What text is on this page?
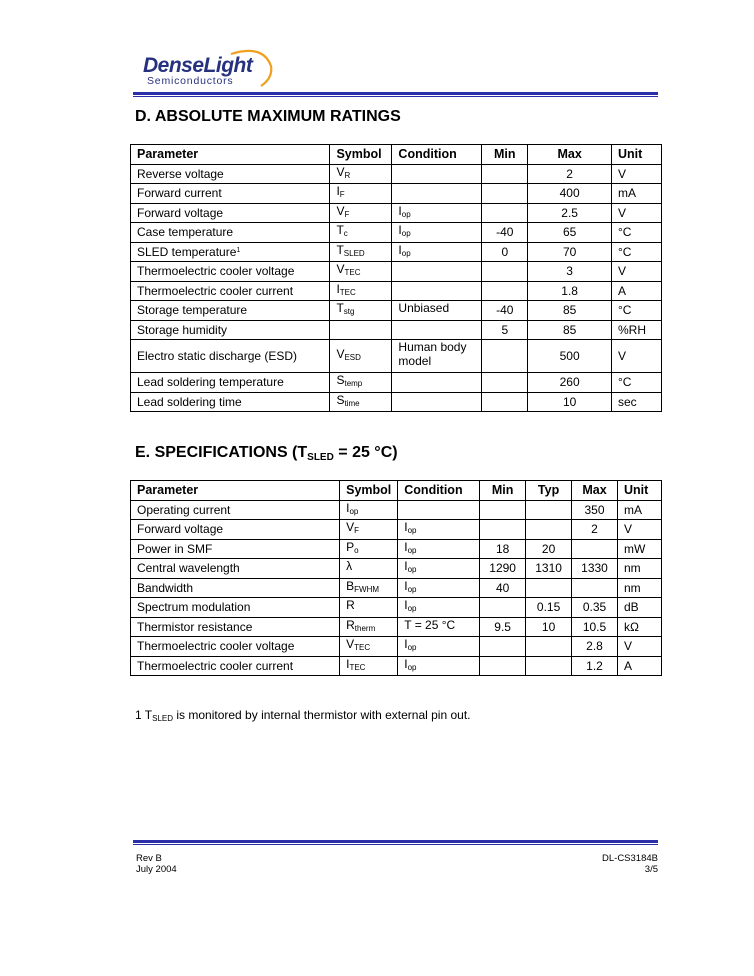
DenseLight
Semiconductors
D. ABSOLUTE MAXIMUM RATINGS
Parameter	Symbol	Condition	Min	Max	Unit
Reverse voltage	$V_R$			2	V
Forward current	$I_F$			400	mA
Forward voltage	$V_F$	$I_{op}$		2.5	V
Case temperature	$T_c$	$I_{op}$	-40	65	°C
SLED temperature$^1$	$T_{SLED}$	$I_{op}$	0	70	°C
Thermoelectric cooler voltage	$V_{TEC}$			3	V
Thermoelectric cooler current	$I_{TEC}$			1.8	A
Storage temperature	$T_{stg}$	Unbiased	-40	85	°C
Storage humidity			5	85	%RH
Electro static discharge (ESD)	$V_{ESD}$	Human body model		500	V
Lead soldering temperature	$S_{temp}$			260	°C
Lead soldering time	$S_{time}$			10	sec
E. SPECIFICATIONS ($T_{SLED} = 25$ °C)
Parameter	Symbol	Condition	Min	Typ	Max	Unit
Operating current	$I_{op}$				350	mA
Forward voltage	$V_F$	$I_{op}$			2	V
Power in SMF	$P_o$	$I_{op}$	18	20		mW
Central wavelength	λ	$I_{op}$	1290	1310	1330	nm
Bandwidth	$B_{FWHM}$	$I_{op}$	40			nm
Spectrum modulation	R	$I_{op}$		0.15	0.35	dB
Thermistor resistance	$R_{therm}$	T = 25 °C	9.5	10	10.5	kΩ
Thermoelectric cooler voltage	$V_{TEC}$	$I_{op}$			2.8	V
Thermoelectric cooler current	$I_{TEC}$	$I_{op}$			1.2	A
1 $T_{SLED}$ is monitored by internal thermistor with external pin out.
Rev B
July 2004
DL-CS3184B
3/5
